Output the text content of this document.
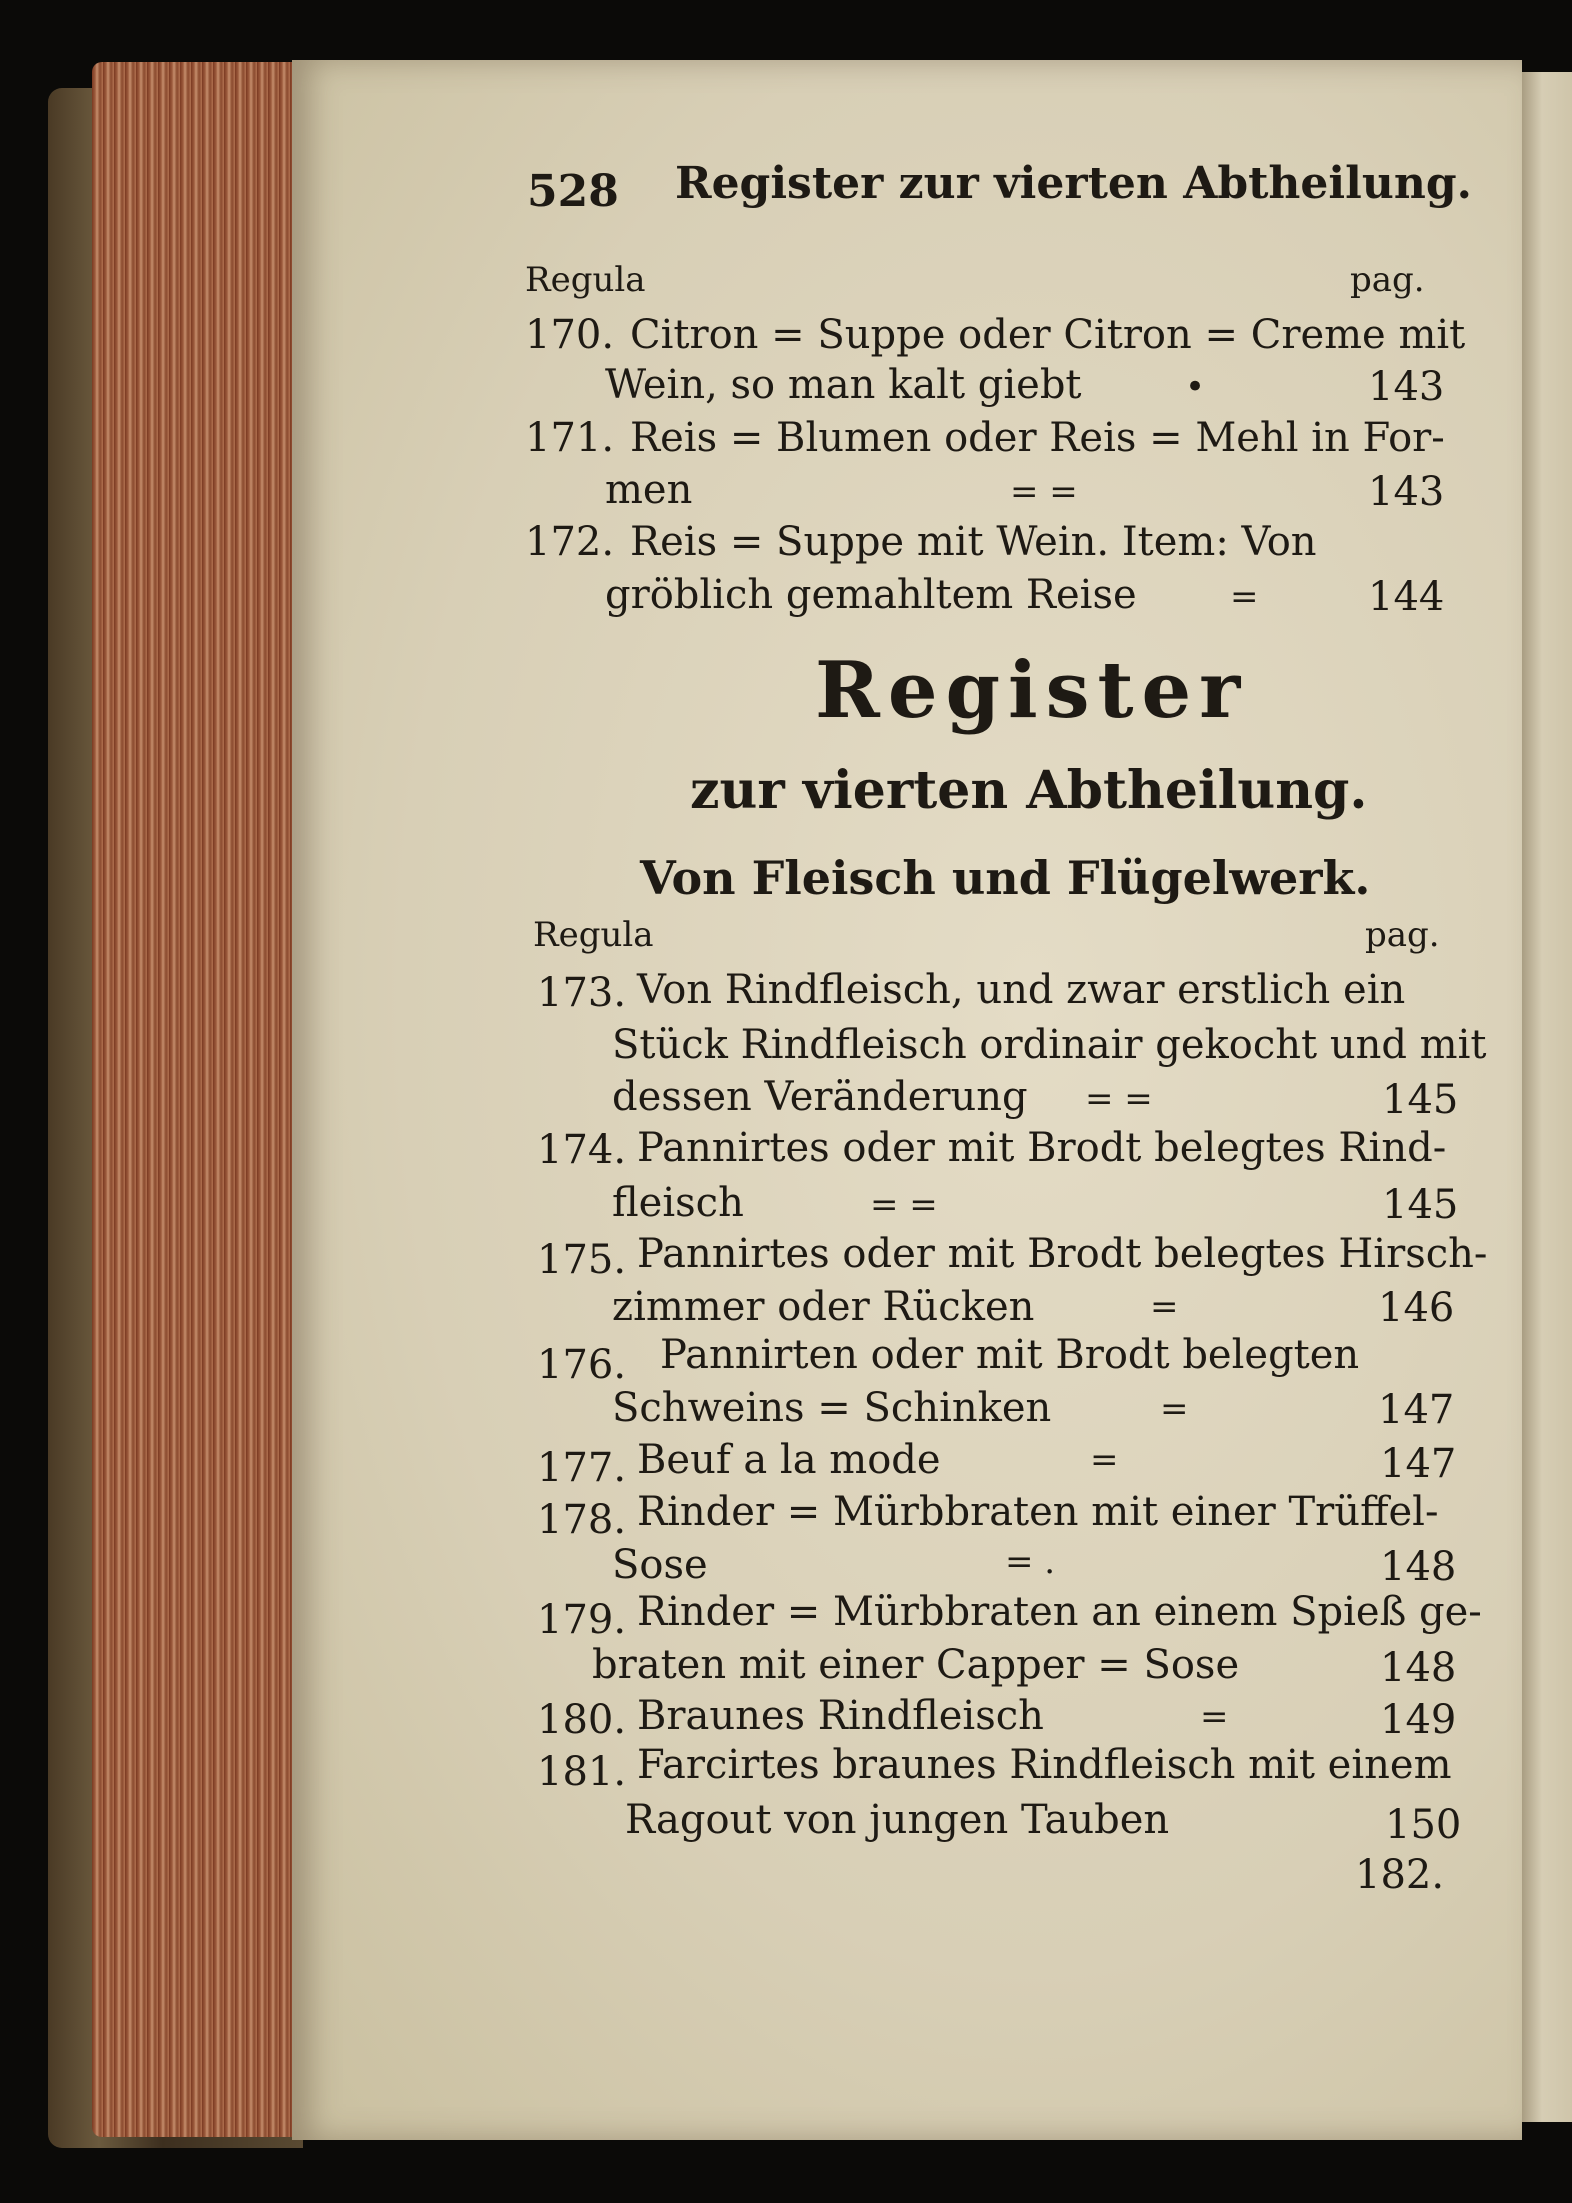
528 Register zur vierten Abtheilung.
Regula	pag.
170. Citron = Suppe oder Citron = Creme mit
Wein, so man kalt giebt	•	143
171. Reis = Blumen oder Reis = Mehl in For-
men	= =	143
172. Reis = Suppe mit Wein. Item: Von
gröblich gemahltem Reise	=	144
Register
zur vierten Abtheilung.
Von Fleisch und Flügelwerk.
Regula	pag.
173. Von Rindfleisch, und zwar erstlich ein
Stück Rindfleisch ordinair gekocht und mit
dessen Veränderung = =	145
174. Pannirtes oder mit Brodt belegtes Rind-
fleisch	= =	145
175. Pannirtes oder mit Brodt belegtes Hirsch-
zimmer oder Rücken	=	146
176. Pannirten oder mit Brodt belegten
Schweins = Schinken	=	147
177. Beuf a la mode	=	147
178. Rinder = Mürbbraten mit einer Trüffel-
Sose	= .	148
179. Rinder = Mürbbraten an einem Spieß ge-
braten mit einer Capper = Sose	148
180. Braunes Rindfleisch	=	149
181. Farcirtes braunes Rindfleisch mit einem
Ragout von jungen Tauben	150
182.
